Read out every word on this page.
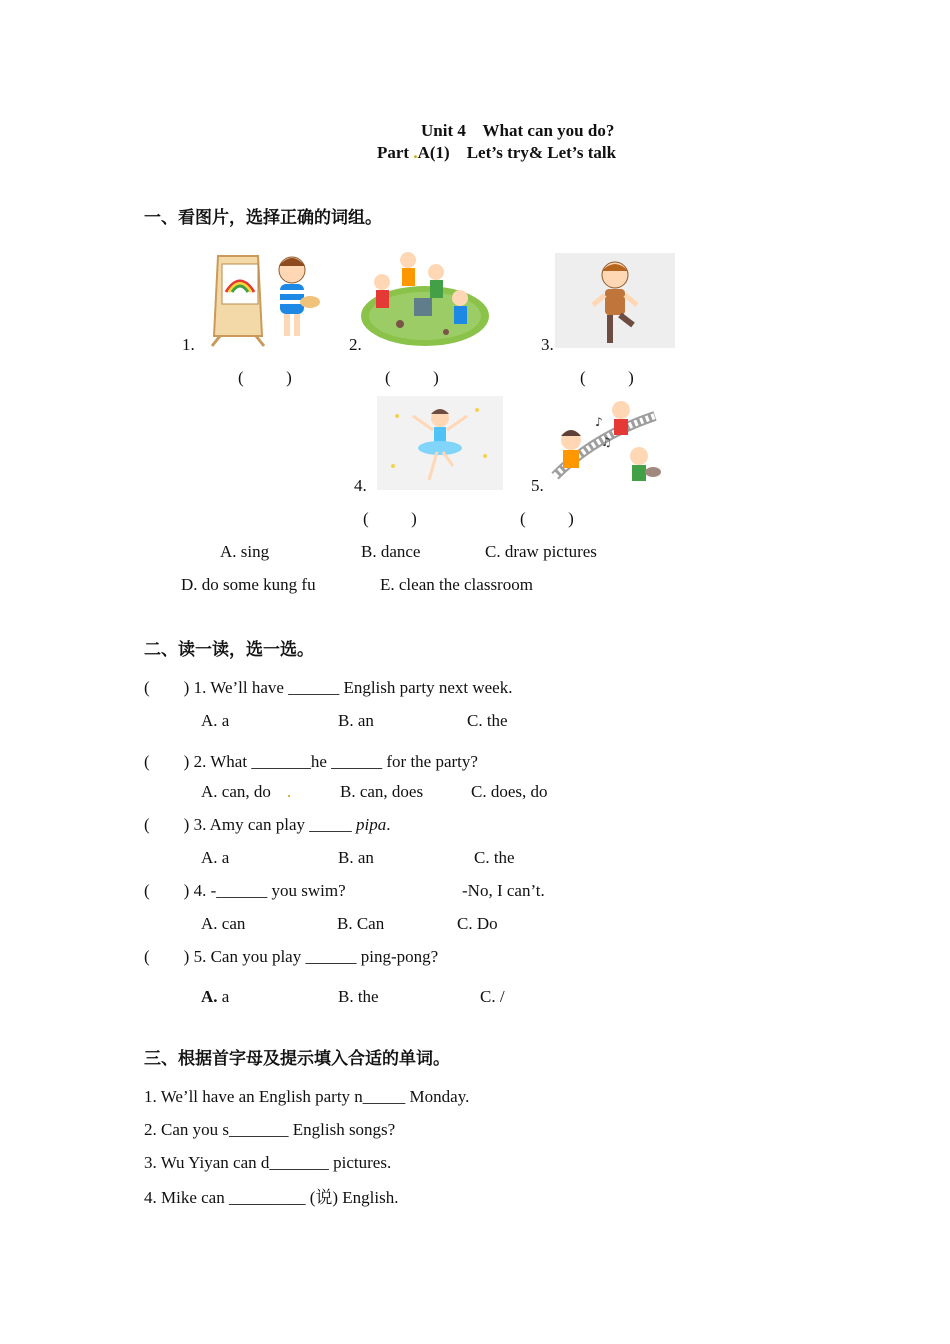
Unit 4    What can you do?
Part .A(1)    Let’s try& Let’s talk
一、看图片，选择正确的词组。
1.
(          )
2.
(          )
3.
(          )
4.
(          )
5.
♪
♫
(          )
A. sing	B. dance	C. draw pictures
D. do some kung fu	E. clean the classroom
二、读一读，选一选。
(        ) 1. We’ll have ______ English party next week.
A. a	B. an	C. the
(        ) 2. What _______he ______ for the party?
A. can, do .	B. can, does	C. does, do
(        ) 3. Amy can play _____ pipa.
A. a	B. an	C. the
(        ) 4. -______ you swim?	-No, I can’t.
A. can	B. Can	C. Do
(        ) 5. Can you play ______ ping-pong?
A. a	B. the	C. /
三、根据首字母及提示填入合适的单词。
1. We’ll have an English party n_____ Monday.
2. Can you s_______ English songs?
3. Wu Yiyan can d_______ pictures.
4. Mike can _________ (说) English.
